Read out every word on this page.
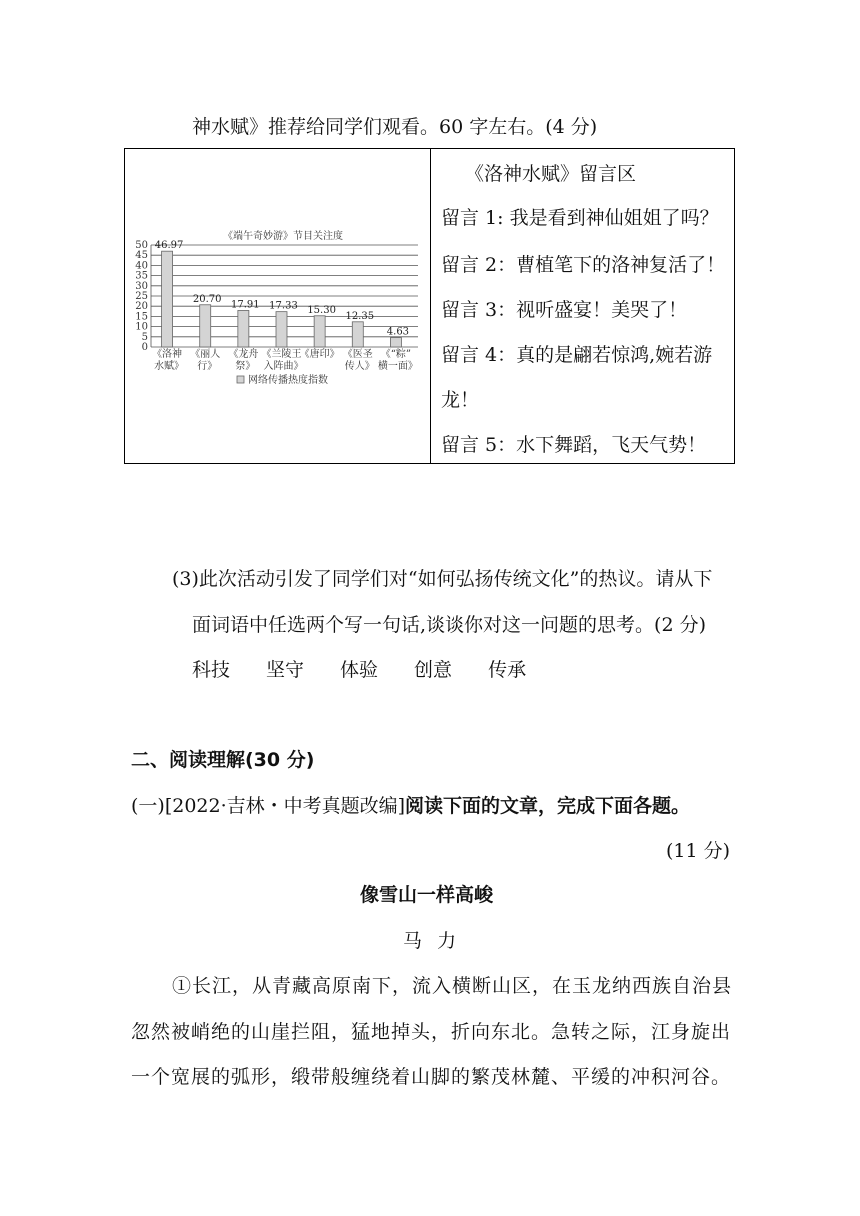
神水赋》推荐给同学们观看。60 字左右。(4 分)
《端午奇妙游》节目关注度
0
5
10
15
20
25
30
35
40
45
50 46.97
《洛神
水赋》
20.70
《丽人
行》
17.91
《龙舟
祭》
17.33
《兰陵王
入阵曲》
15.30
《唐印》
12.35
《医圣
传人》
4.63
《“粽”
横一面》
网络传播热度指数
《洛神水赋》留言区
留言 1: 我是看到神仙姐姐了吗？
留言 2：曹植笔下的洛神复活了！
留言 3：视听盛宴！美哭了！
留言 4：真的是翩若惊鸿,婉若游
龙！
留言 5：水下舞蹈，飞天气势！
(3)此次活动引发了同学们对“如何弘扬传统文化”的热议。请从下
面词语中任选两个写一句话,谈谈你对这一问题的思考。(2 分)
科技 坚守 体验 创意 传承
二、阅读理解(30 分)
(一)[2022·吉林・中考真题改编]阅读下面的文章，完成下面各题。
(11 分)
像雪山一样高峻
马  力
①长江，从青藏高原南下，流入横断山区，在玉龙纳西族自治县
忽然被峭绝的山崖拦阻，猛地掉头，折向东北。急转之际，江身旋出
一个宽展的弧形，缎带般缠绕着山脚的繁茂林麓、平缓的冲积河谷。
